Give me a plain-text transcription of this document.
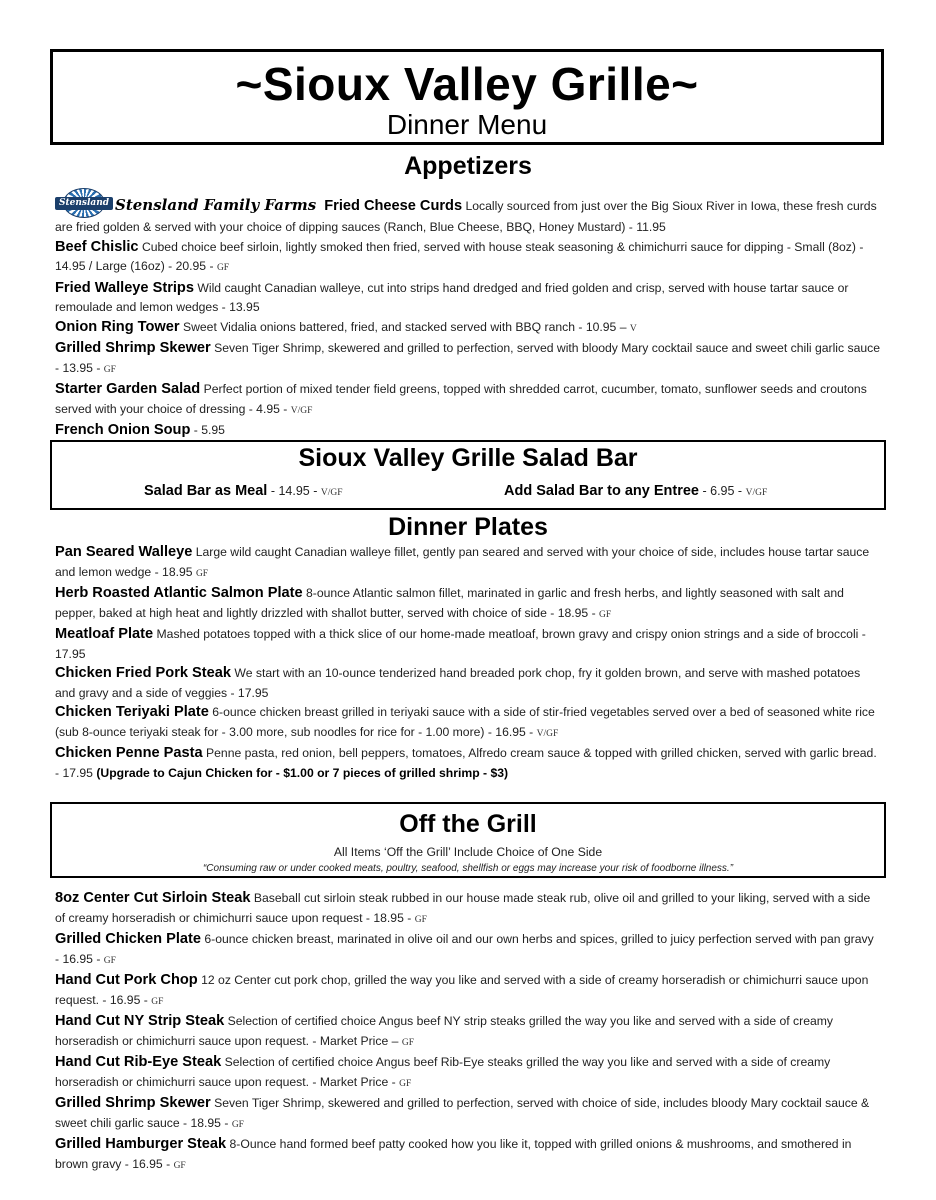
~Sioux Valley Grille~
Dinner Menu
Appetizers

Stensland Stensland Family Farms Fried Cheese Curds Locally sourced from just over the Big Sioux River in Iowa, these fresh curds are fried golden & served with your choice of dipping sauces (Ranch, Blue Cheese, BBQ, Honey Mustard) - 11.95

Beef Chislic Cubed choice beef sirloin, lightly smoked then fried, served with house steak seasoning & chimichurri sauce for dipping - Small (8oz) - 14.95 / Large (16oz) - 20.95 - GF

Fried Walleye Strips Wild caught Canadian walleye, cut into strips hand dredged and fried golden and crisp, served with house tartar sauce or remoulade and lemon wedges - 13.95

Onion Ring Tower Sweet Vidalia onions battered, fried, and stacked served with BBQ ranch - 10.95 – V

Grilled Shrimp Skewer Seven Tiger Shrimp, skewered and grilled to perfection, served with bloody Mary cocktail sauce and sweet chili garlic sauce - 13.95 - GF

Starter Garden Salad Perfect portion of mixed tender field greens, topped with shredded carrot, cucumber, tomato, sunflower seeds and croutons served with your choice of dressing - 4.95 - V/GF

French Onion Soup - 5.95

Sioux Valley Grille Salad Bar
Salad Bar as Meal - 14.95 - V/GF	Add Salad Bar to any Entree - 6.95 - V/GF
Dinner Plates

Pan Seared Walleye Large wild caught Canadian walleye fillet, gently pan seared and served with your choice of side, includes house tartar sauce and lemon wedge - 18.95 GF

Herb Roasted Atlantic Salmon Plate 8-ounce Atlantic salmon fillet, marinated in garlic and fresh herbs, and lightly seasoned with salt and pepper, baked at high heat and lightly drizzled with shallot butter, served with choice of side - 18.95 - GF

Meatloaf Plate Mashed potatoes topped with a thick slice of our home-made meatloaf, brown gravy and crispy onion strings and a side of broccoli - 17.95

Chicken Fried Pork Steak We start with an 10-ounce tenderized hand breaded pork chop, fry it golden brown, and serve with mashed potatoes and gravy and a side of veggies - 17.95

Chicken Teriyaki Plate 6-ounce chicken breast grilled in teriyaki sauce with a side of stir-fried vegetables served over a bed of seasoned white rice (sub 8-ounce teriyaki steak for - 3.00 more, sub noodles for rice for - 1.00 more) - 16.95 - V/GF

Chicken Penne Pasta Penne pasta, red onion, bell peppers, tomatoes, Alfredo cream sauce & topped with grilled chicken, served with garlic bread. - 17.95 (Upgrade to Cajun Chicken for - $1.00 or 7 pieces of grilled shrimp - $3)

Off the Grill
All Items ‘Off the Grill’ Include Choice of One Side
“Consuming raw or under cooked meats, poultry, seafood, shellfish or eggs may increase your risk of foodborne illness.”

8oz Center Cut Sirloin Steak Baseball cut sirloin steak rubbed in our house made steak rub, olive oil and grilled to your liking, served with a side of creamy horseradish or chimichurri sauce upon request - 18.95 - GF

Grilled Chicken Plate 6-ounce chicken breast, marinated in olive oil and our own herbs and spices, grilled to juicy perfection served with pan gravy - 16.95 - GF

Hand Cut Pork Chop 12 oz Center cut pork chop, grilled the way you like and served with a side of creamy horseradish or chimichurri sauce upon request. - 16.95 - GF

Hand Cut NY Strip Steak Selection of certified choice Angus beef NY strip steaks grilled the way you like and served with a side of creamy horseradish or chimichurri sauce upon request. - Market Price – GF

Hand Cut Rib-Eye Steak Selection of certified choice Angus beef Rib-Eye steaks grilled the way you like and served with a side of creamy horseradish or chimichurri sauce upon request. - Market Price - GF

Grilled Shrimp Skewer Seven Tiger Shrimp, skewered and grilled to perfection, served with choice of side, includes bloody Mary cocktail sauce & sweet chili garlic sauce - 18.95 - GF

Grilled Hamburger Steak 8-Ounce hand formed beef patty cooked how you like it, topped with grilled onions & mushrooms, and smothered in brown gravy - 16.95 - GF
